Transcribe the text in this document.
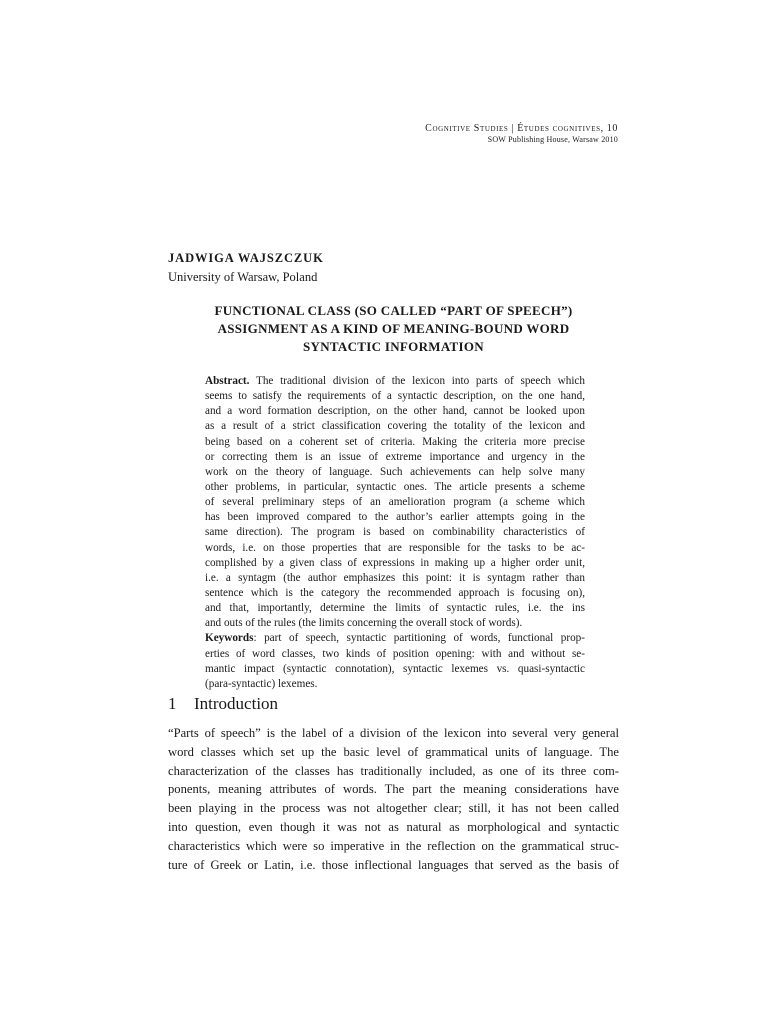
Cognitive Studies | Études cognitives, 10
SOW Publishing House, Warsaw 2010
JADWIGA WAJSZCZUK
University of Warsaw, Poland
FUNCTIONAL CLASS (SO CALLED “PART OF SPEECH”)
ASSIGNMENT AS A KIND OF MEANING-BOUND WORD
SYNTACTIC INFORMATION
Abstract. The traditional division of the lexicon into parts of speech which
seems to satisfy the requirements of a syntactic description, on the one hand,
and a word formation description, on the other hand, cannot be looked upon
as a result of a strict classification covering the totality of the lexicon and
being based on a coherent set of criteria. Making the criteria more precise
or correcting them is an issue of extreme importance and urgency in the
work on the theory of language. Such achievements can help solve many
other problems, in particular, syntactic ones. The article presents a scheme
of several preliminary steps of an amelioration program (a scheme which
has been improved compared to the author’s earlier attempts going in the
same direction). The program is based on combinability characteristics of
words, i.e. on those properties that are responsible for the tasks to be ac-
complished by a given class of expressions in making up a higher order unit,
i.e. a syntagm (the author emphasizes this point: it is syntagm rather than
sentence which is the category the recommended approach is focusing on),
and that, importantly, determine the limits of syntactic rules, i.e. the ins
and outs of the rules (the limits concerning the overall stock of words).
Keywords: part of speech, syntactic partitioning of words, functional prop-
erties of word classes, two kinds of position opening: with and without se-
mantic impact (syntactic connotation), syntactic lexemes vs. quasi-syntactic
(para-syntactic) lexemes.
1 Introduction
“Parts of speech” is the label of a division of the lexicon into several very general
word classes which set up the basic level of grammatical units of language. The
characterization of the classes has traditionally included, as one of its three com-
ponents, meaning attributes of words. The part the meaning considerations have
been playing in the process was not altogether clear; still, it has not been called
into question, even though it was not as natural as morphological and syntactic
characteristics which were so imperative in the reflection on the grammatical struc-
ture of Greek or Latin, i.e. those inflectional languages that served as the basis of
